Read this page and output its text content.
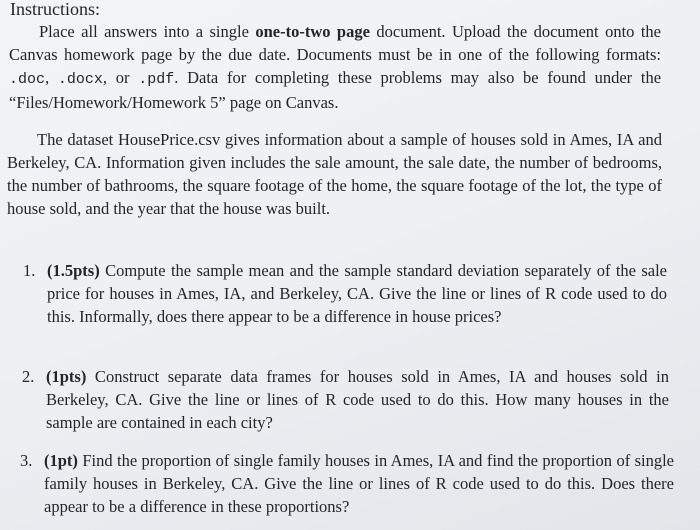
Instructions:

Place all answers into a single one-to-two page document. Upload the document onto the Canvas homework page by the due date. Documents must be in one of the following formats: .doc, .docx, or .pdf. Data for completing these problems may also be found under the “Files/Homework/Homework 5” page on Canvas.

The dataset HousePrice.csv gives information about a sample of houses sold in Ames, IA and Berkeley, CA. Information given includes the sale amount, the sale date, the number of bedrooms, the number of bathrooms, the square footage of the home, the square footage of the lot, the type of house sold, and the year that the house was built.

1. (1.5pts) Compute the sample mean and the sample standard deviation separately of the sale price for houses in Ames, IA, and Berkeley, CA. Give the line or lines of R code used to do this. Informally, does there appear to be a difference in house prices?
2. (1pts) Construct separate data frames for houses sold in Ames, IA and houses sold in Berkeley, CA. Give the line or lines of R code used to do this. How many houses in the sample are contained in each city?
3. (1pt) Find the proportion of single family houses in Ames, IA and find the proportion of single family houses in Berkeley, CA. Give the line or lines of R code used to do this. Does there appear to be a difference in these proportions?
